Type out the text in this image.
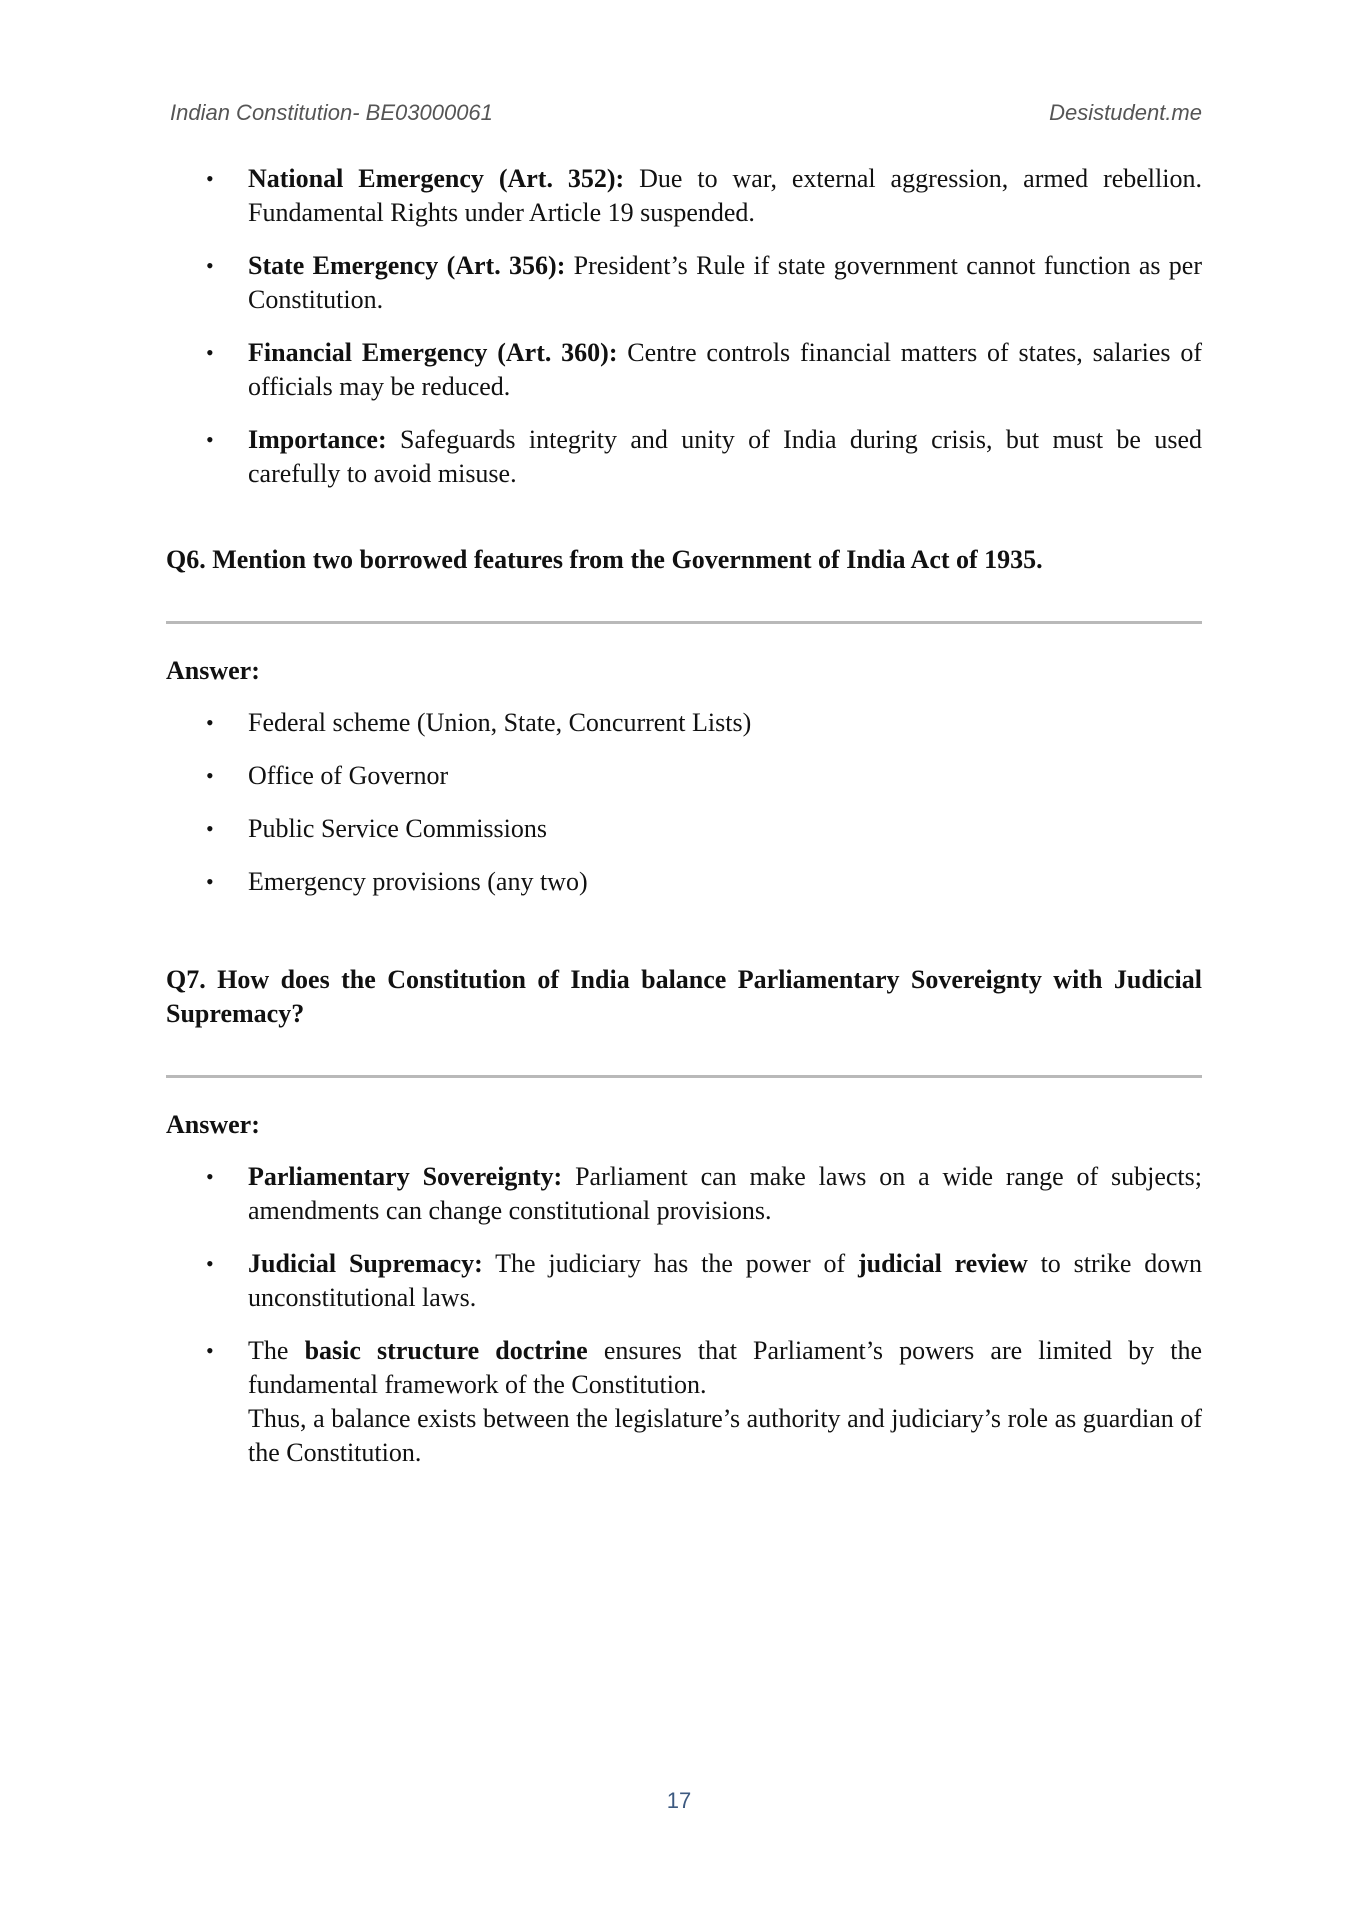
Indian Constitution- BE03000061	Desistudent.me
• National Emergency (Art. 352): Due to war, external aggression, armed rebellion. Fundamental Rights under Article 19 suspended.
• State Emergency (Art. 356): President’s Rule if state government cannot function as per Constitution.
• Financial Emergency (Art. 360): Centre controls financial matters of states, salaries of officials may be reduced.
• Importance: Safeguards integrity and unity of India during crisis, but must be used carefully to avoid misuse.

Q6. Mention two borrowed features from the Government of India Act of 1935.

Answer:

• Federal scheme (Union, State, Concurrent Lists)
• Office of Governor
• Public Service Commissions
• Emergency provisions (any two)

Q7. How does the Constitution of India balance Parliamentary Sovereignty with Judicial Supremacy?

Answer:

• Parliamentary Sovereignty: Parliament can make laws on a wide range of subjects; amendments can change constitutional provisions.
• Judicial Supremacy: The judiciary has the power of judicial review to strike down unconstitutional laws.
• The basic structure doctrine ensures that Parliament’s powers are limited by the fundamental framework of the Constitution.
Thus, a balance exists between the legislature’s authority and judiciary’s role as guardian of the Constitution.
17
